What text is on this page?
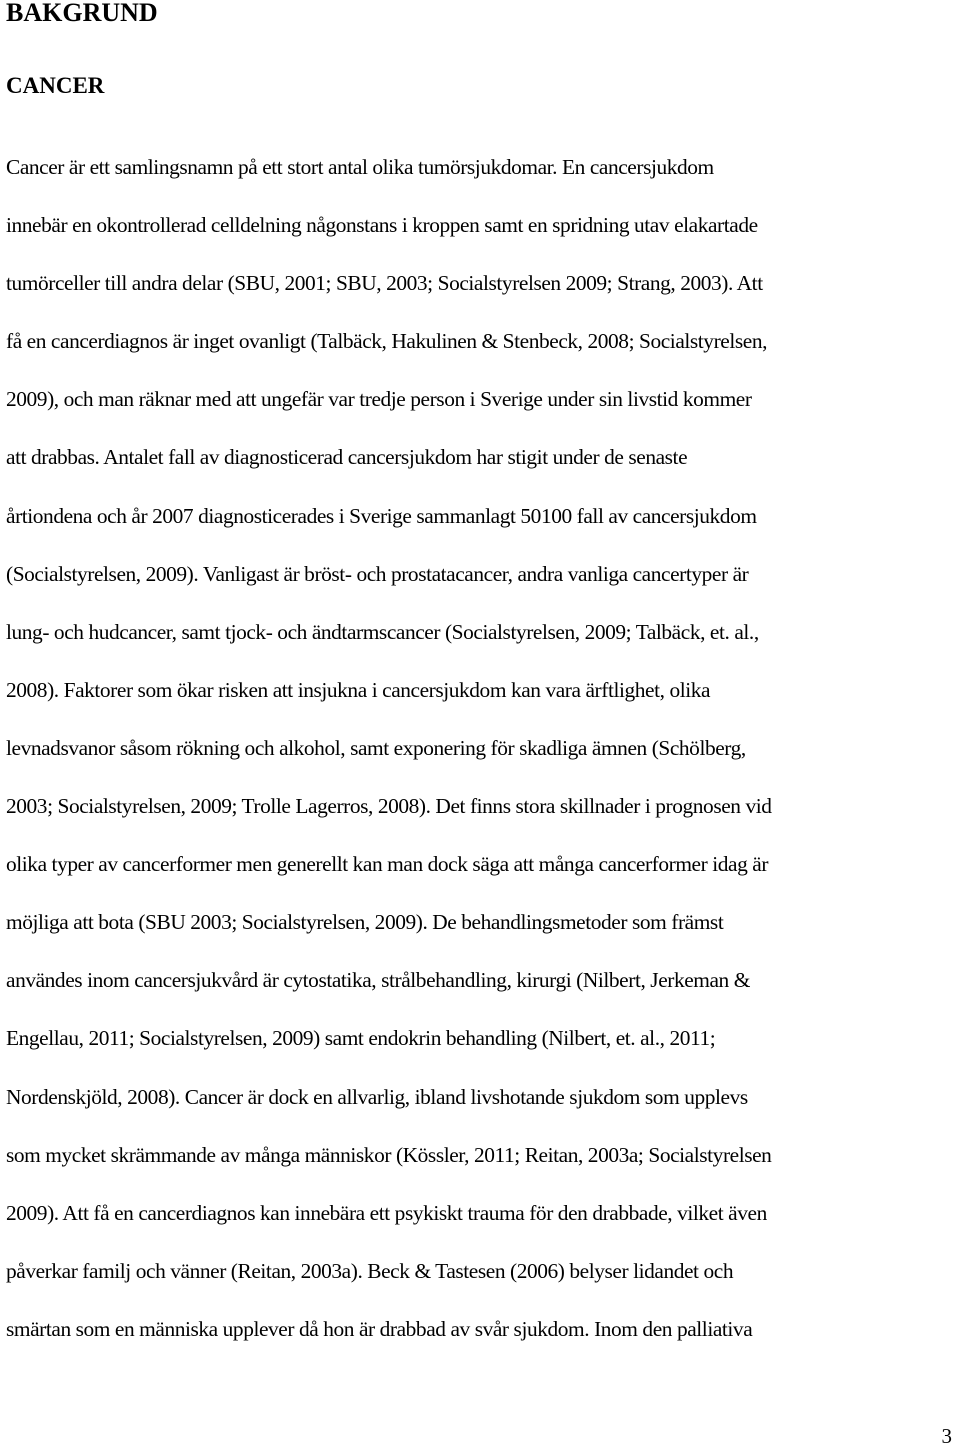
BAKGRUND
CANCER

Cancer är ett samlingsnamn på ett stort antal olika tumörsjukdomar. En cancersjukdom
innebär en okontrollerad celldelning någonstans i kroppen samt en spridning utav elakartade
tumörceller till andra delar (SBU, 2001; SBU, 2003; Socialstyrelsen 2009; Strang, 2003). Att
få en cancerdiagnos är inget ovanligt (Talbäck, Hakulinen & Stenbeck, 2008; Socialstyrelsen,
2009), och man räknar med att ungefär var tredje person i Sverige under sin livstid kommer
att drabbas. Antalet fall av diagnosticerad cancersjukdom har stigit under de senaste
årtiondena och år 2007 diagnosticerades i Sverige sammanlagt 50100 fall av cancersjukdom
(Socialstyrelsen, 2009). Vanligast är bröst- och prostatacancer, andra vanliga cancertyper är
lung- och hudcancer, samt tjock- och ändtarmscancer (Socialstyrelsen, 2009; Talbäck, et. al.,
2008). Faktorer som ökar risken att insjukna i cancersjukdom kan vara ärftlighet, olika
levnadsvanor såsom rökning och alkohol, samt exponering för skadliga ämnen (Schölberg,
2003; Socialstyrelsen, 2009; Trolle Lagerros, 2008). Det finns stora skillnader i prognosen vid
olika typer av cancerformer men generellt kan man dock säga att många cancerformer idag är
möjliga att bota (SBU 2003; Socialstyrelsen, 2009). De behandlingsmetoder som främst
användes inom cancersjukvård är cytostatika, strålbehandling, kirurgi (Nilbert, Jerkeman &
Engellau, 2011; Socialstyrelsen, 2009) samt endokrin behandling (Nilbert, et. al., 2011;
Nordenskjöld, 2008). Cancer är dock en allvarlig, ibland livshotande sjukdom som upplevs
som mycket skrämmande av många människor (Kössler, 2011; Reitan, 2003a; Socialstyrelsen
2009). Att få en cancerdiagnos kan innebära ett psykiskt trauma för den drabbade, vilket även
påverkar familj och vänner (Reitan, 2003a). Beck & Tastesen (2006) belyser lidandet och
smärtan som en människa upplever då hon är drabbad av svår sjukdom. Inom den palliativa

3
